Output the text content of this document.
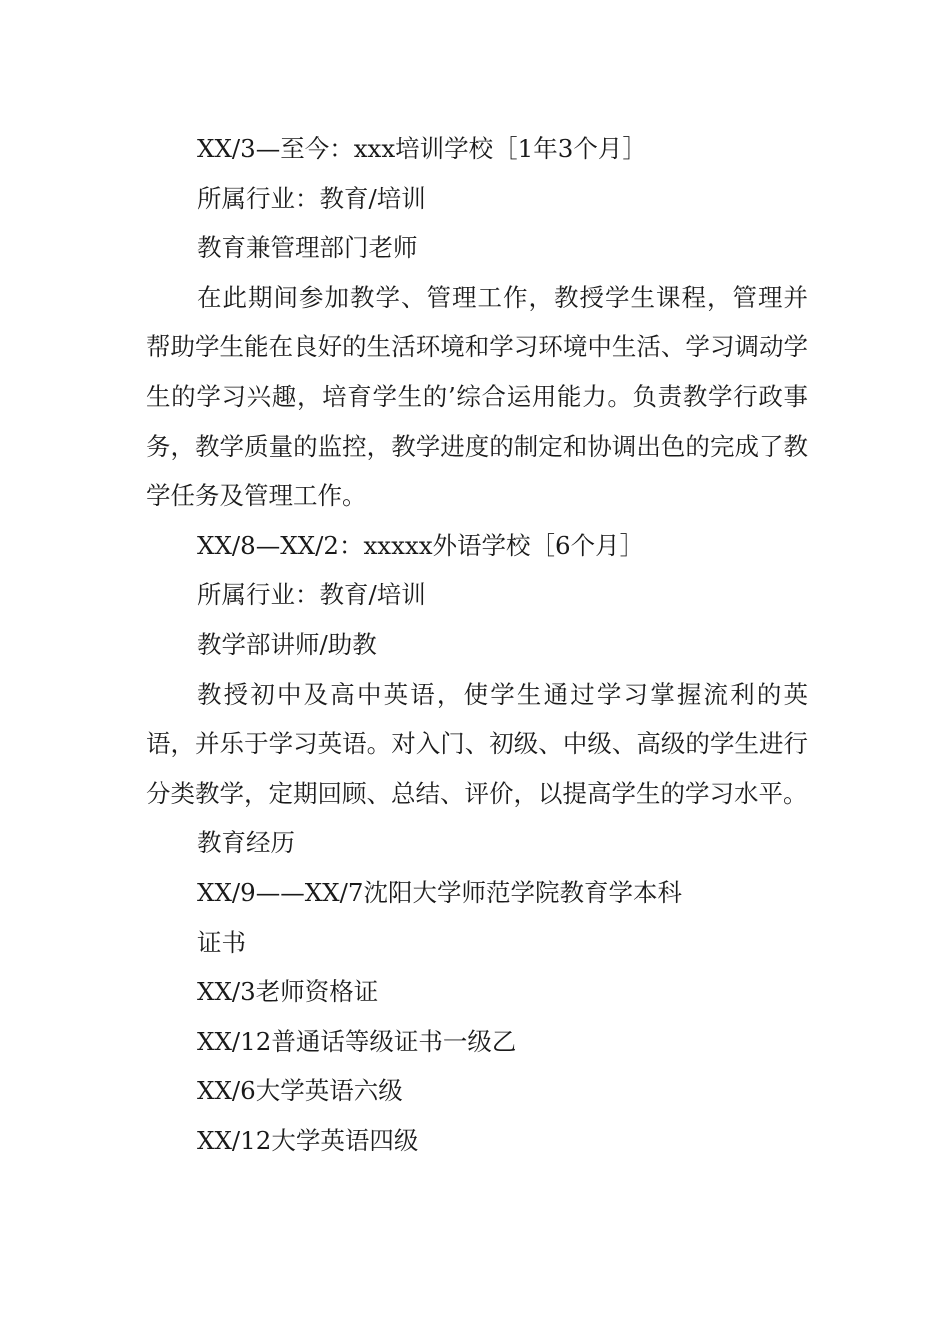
XX/3—至今：xxx培训学校［1年3个月］

所属行业：教育/培训

教育兼管理部门老师

在此期间参加教学、管理工作，教授学生课程，管理并帮助学生能在良好的生活环境和学习环境中生活、学习调动学生的学习兴趣，培育学生的’综合运用能力。负责教学行政事务，教学质量的监控，教学进度的制定和协调出色的完成了教学任务及管理工作。

XX/8—XX/2：xxxxx外语学校［6个月］

所属行业：教育/培训

教学部讲师/助教

教授初中及高中英语，使学生通过学习掌握流利的英语，并乐于学习英语。对入门、初级、中级、高级的学生进行分类教学，定期回顾、总结、评价，以提高学生的学习水平。

教育经历

XX/9——XX/7沈阳大学师范学院教育学本科

证书

XX/3老师资格证

XX/12普通话等级证书一级乙

XX/6大学英语六级

XX/12大学英语四级
